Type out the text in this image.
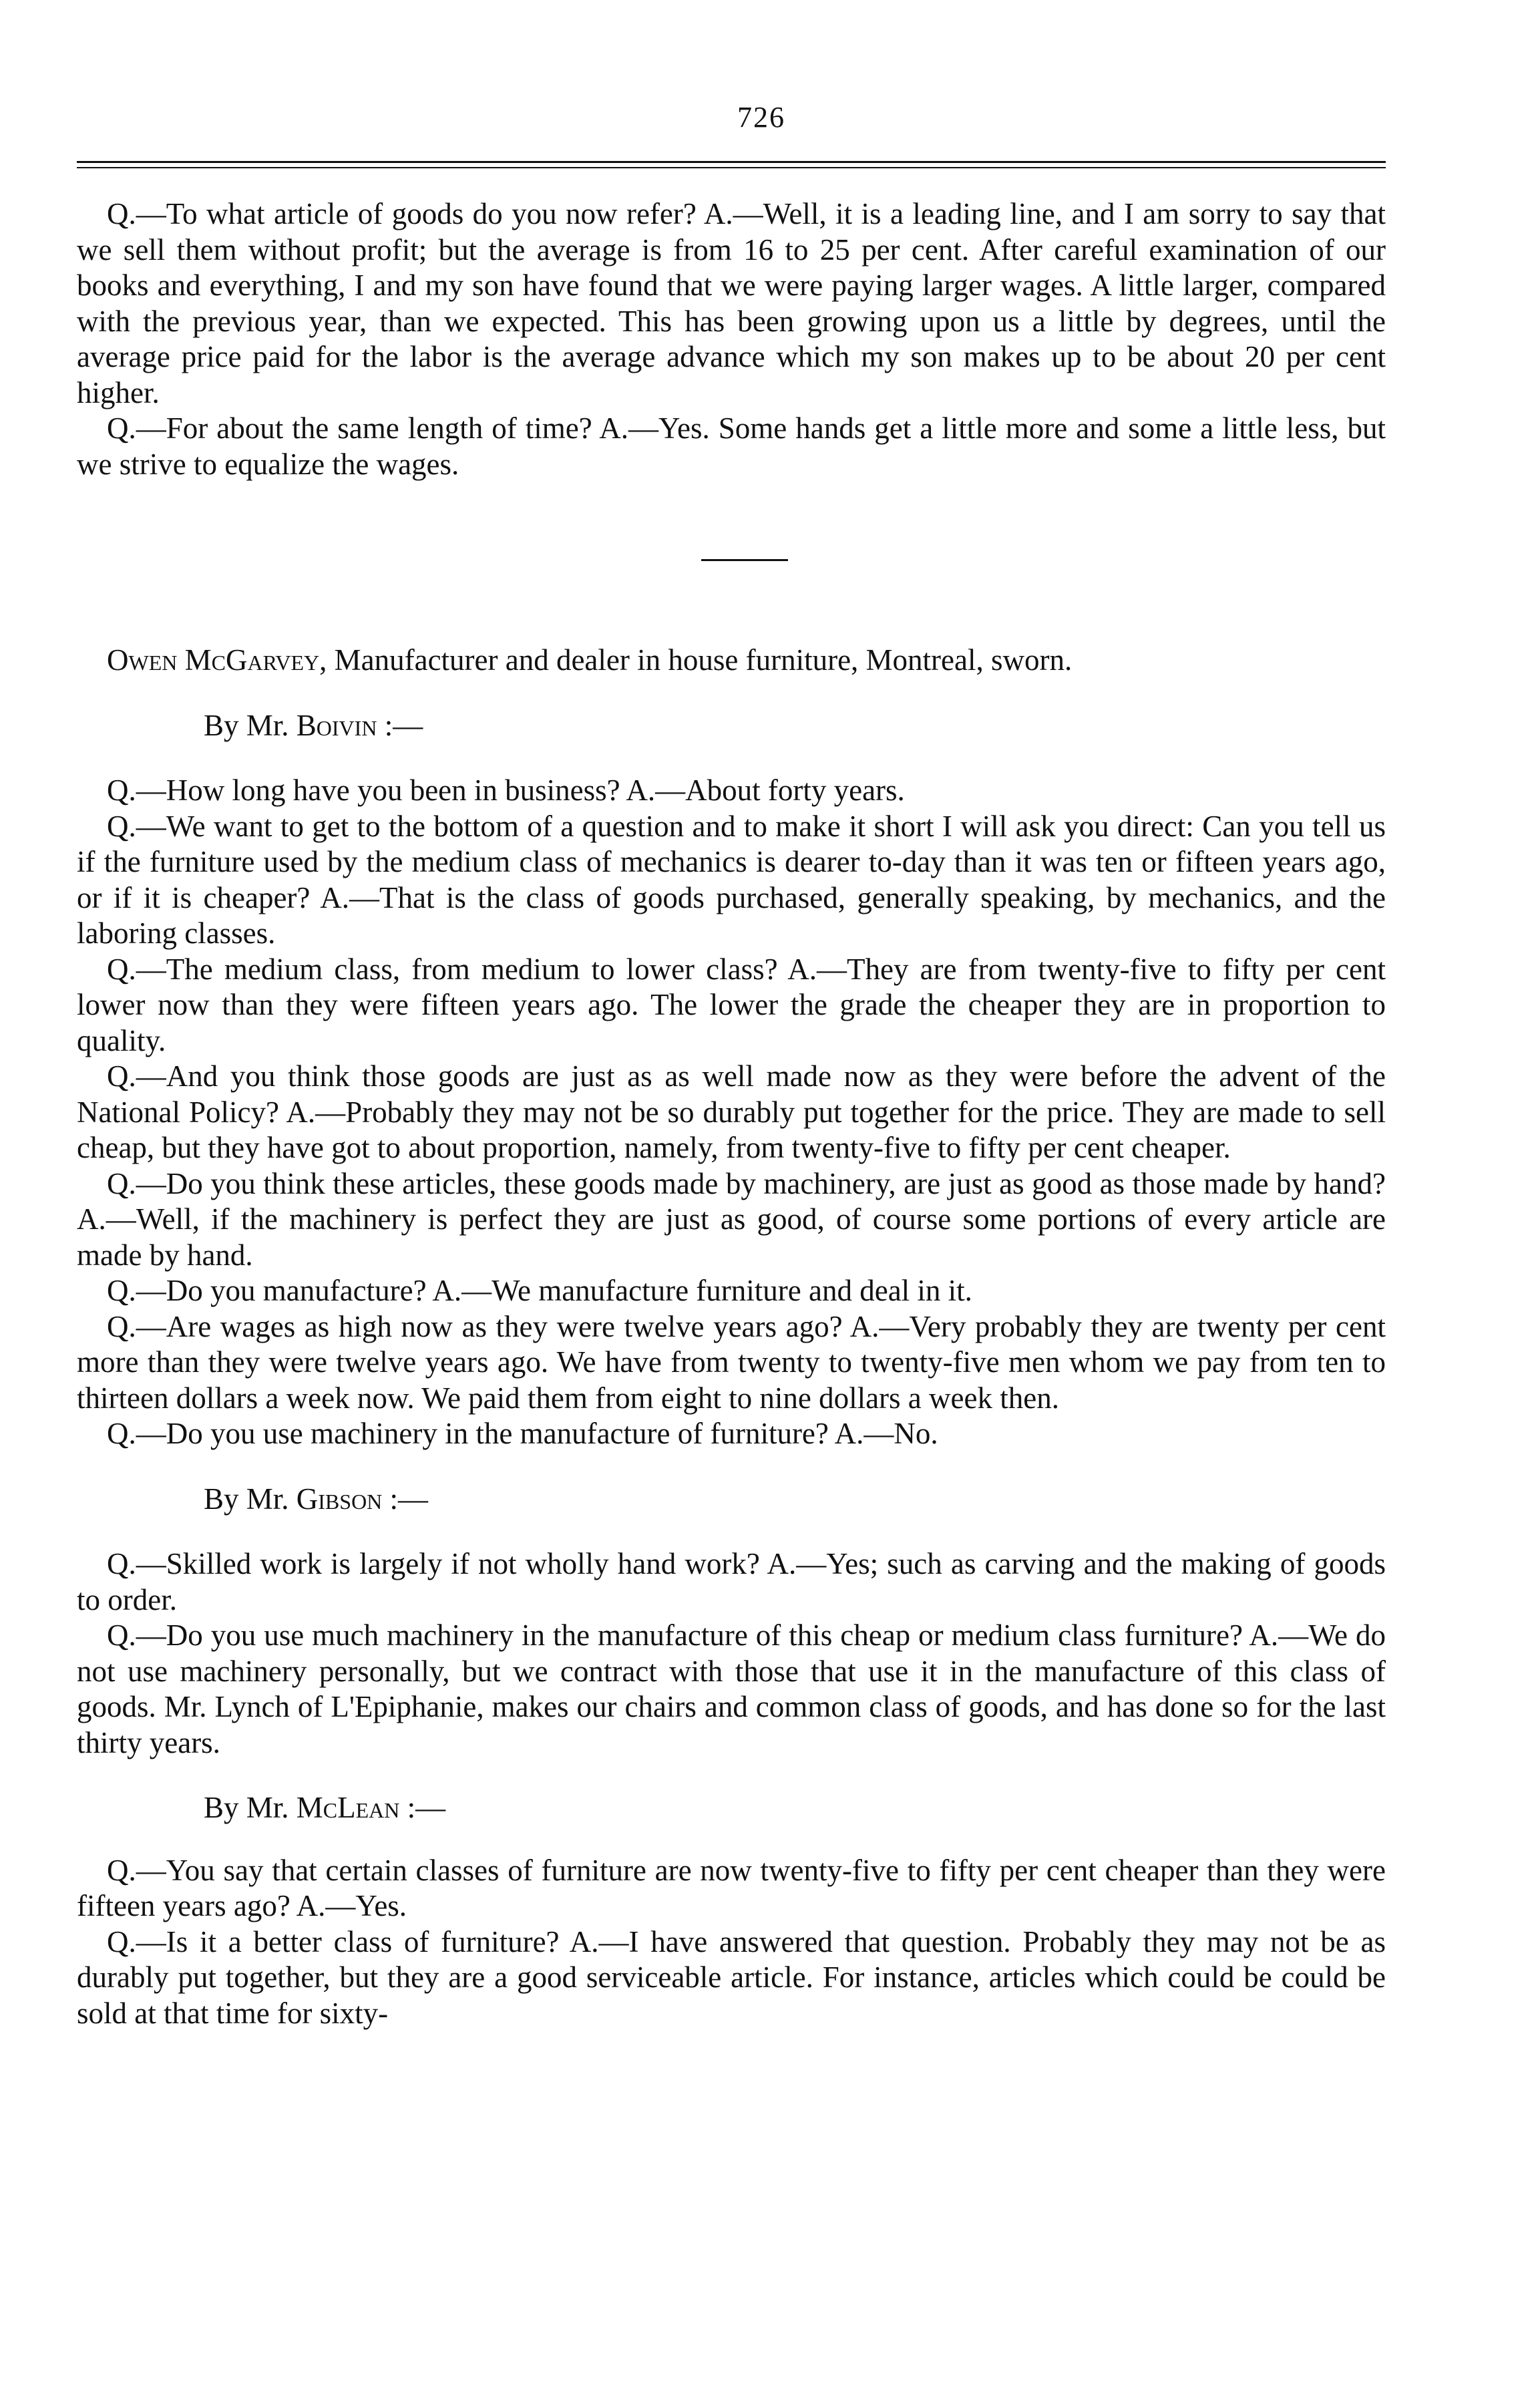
726

Q.—To what article of goods do you now refer? A.—Well, it is a leading line, and I am sorry to say that we sell them without profit; but the average is from 16 to 25 per cent. After careful examination of our books and everything, I and my son have found that we were paying larger wages. A little larger, compared with the previous year, than we expected. This has been growing upon us a little by degrees, until the average price paid for the labor is the average advance which my son makes up to be about 20 per cent higher.

Q.—For about the same length of time? A.—Yes. Some hands get a little more and some a little less, but we strive to equalize the wages.

Owen McGarvey, Manufacturer and dealer in house furniture, Montreal, sworn.

By Mr. Boivin :—

Q.—How long have you been in business? A.—About forty years.

Q.—We want to get to the bottom of a question and to make it short I will ask you direct: Can you tell us if the furniture used by the medium class of mechanics is dearer to-day than it was ten or fifteen years ago, or if it is cheaper? A.—That is the class of goods purchased, generally speaking, by mechanics, and the laboring classes.

Q.—The medium class, from medium to lower class? A.—They are from twenty-five to fifty per cent lower now than they were fifteen years ago. The lower the grade the cheaper they are in proportion to quality.

Q.—And you think those goods are just as as well made now as they were before the advent of the National Policy? A.—Probably they may not be so durably put together for the price. They are made to sell cheap, but they have got to about proportion, namely, from twenty-five to fifty per cent cheaper.

Q.—Do you think these articles, these goods made by machinery, are just as good as those made by hand? A.—Well, if the machinery is perfect they are just as good, of course some portions of every article are made by hand.

Q.—Do you manufacture? A.—We manufacture furniture and deal in it.

Q.—Are wages as high now as they were twelve years ago? A.—Very probably they are twenty per cent more than they were twelve years ago. We have from twenty to twenty-five men whom we pay from ten to thirteen dollars a week now. We paid them from eight to nine dollars a week then.

Q.—Do you use machinery in the manufacture of furniture? A.—No.

By Mr. Gibson :—

Q.—Skilled work is largely if not wholly hand work? A.—Yes; such as carving and the making of goods to order.

Q.—Do you use much machinery in the manufacture of this cheap or medium class furniture? A.—We do not use machinery personally, but we contract with those that use it in the manufacture of this class of goods. Mr. Lynch of L'Epiphanie, makes our chairs and common class of goods, and has done so for the last thirty years.

By Mr. McLean :—

Q.—You say that certain classes of furniture are now twenty-five to fifty per cent cheaper than they were fifteen years ago? A.—Yes.

Q.—Is it a better class of furniture? A.—I have answered that question. Probably they may not be as durably put together, but they are a good serviceable article. For instance, articles which could be could be sold at that time for sixty-
